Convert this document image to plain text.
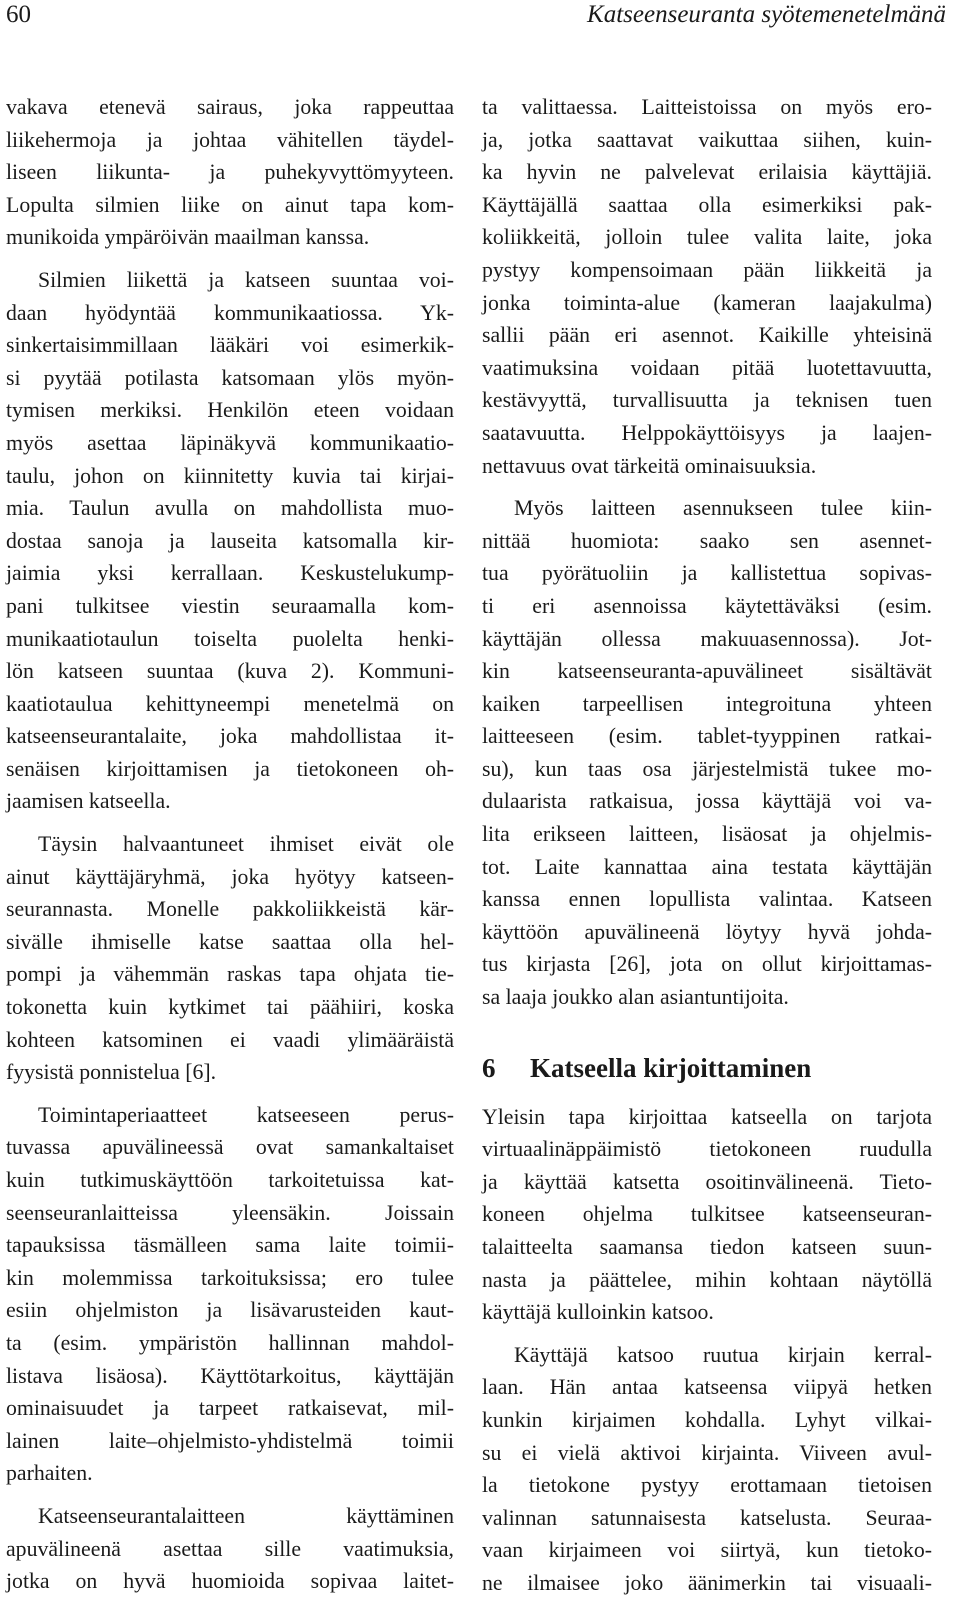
60	Katseenseuranta syötemenetelmänä
vakava etenevä sairaus, joka rappeuttaa
liikehermoja ja johtaa vähitellen täydel-
liseen liikunta- ja puhekyvyttömyyteen.
Lopulta silmien liike on ainut tapa kom-
munikoida ympäröivän maailman kanssa.
Silmien liikettä ja katseen suuntaa voi-
daan hyödyntää kommunikaatiossa. Yk-
sinkertaisimmillaan lääkäri voi esimerkik-
si pyytää potilasta katsomaan ylös myön-
tymisen merkiksi. Henkilön eteen voidaan
myös asettaa läpinäkyvä kommunikaatio-
taulu, johon on kiinnitetty kuvia tai kirjai-
mia. Taulun avulla on mahdollista muo-
dostaa sanoja ja lauseita katsomalla kir-
jaimia yksi kerrallaan. Keskustelukump-
pani tulkitsee viestin seuraamalla kom-
munikaatiotaulun toiselta puolelta henki-
lön katseen suuntaa (kuva 2). Kommuni-
kaatiotaulua kehittyneempi menetelmä on
katseenseurantalaite, joka mahdollistaa it-
senäisen kirjoittamisen ja tietokoneen oh-
jaamisen katseella.
Täysin halvaantuneet ihmiset eivät ole
ainut käyttäjäryhmä, joka hyötyy katseen-
seurannasta. Monelle pakkoliikkeistä kär-
sivälle ihmiselle katse saattaa olla hel-
pompi ja vähemmän raskas tapa ohjata tie-
tokonetta kuin kytkimet tai päähiiri, koska
kohteen katsominen ei vaadi ylimääräistä
fyysistä ponnistelua [6].
Toimintaperiaatteet katseeseen perus-
tuvassa apuvälineessä ovat samankaltaiset
kuin tutkimuskäyttöön tarkoitetuissa kat-
seenseuranlaitteissa yleensäkin. Joissain
tapauksissa täsmälleen sama laite toimii-
kin molemmissa tarkoituksissa; ero tulee
esiin ohjelmiston ja lisävarusteiden kaut-
ta (esim. ympäristön hallinnan mahdol-
listava lisäosa). Käyttötarkoitus, käyttäjän
ominaisuudet ja tarpeet ratkaisevat, mil-
lainen laite–ohjelmisto-yhdistelmä toimii
parhaiten.
Katseenseurantalaitteen käyttäminen
apuvälineenä asettaa sille vaatimuksia,
jotka on hyvä huomioida sopivaa laitet-
ta valittaessa. Laitteistoissa on myös ero-
ja, jotka saattavat vaikuttaa siihen, kuin-
ka hyvin ne palvelevat erilaisia käyttäjiä.
Käyttäjällä saattaa olla esimerkiksi pak-
koliikkeitä, jolloin tulee valita laite, joka
pystyy kompensoimaan pään liikkeitä ja
jonka toiminta-alue (kameran laajakulma)
sallii pään eri asennot. Kaikille yhteisinä
vaatimuksina voidaan pitää luotettavuutta,
kestävyyttä, turvallisuutta ja teknisen tuen
saatavuutta. Helppokäyttöisyys ja laajen-
nettavuus ovat tärkeitä ominaisuuksia.
Myös laitteen asennukseen tulee kiin-
nittää huomiota: saako sen asennet-
tua pyörätuoliin ja kallistettua sopivas-
ti eri asennoissa käytettäväksi (esim.
käyttäjän ollessa makuuasennossa). Jot-
kin katseenseuranta-apuvälineet sisältävät
kaiken tarpeellisen integroituna yhteen
laitteeseen (esim. tablet-tyyppinen ratkai-
su), kun taas osa järjestelmistä tukee mo-
dulaarista ratkaisua, jossa käyttäjä voi va-
lita erikseen laitteen, lisäosat ja ohjelmis-
tot. Laite kannattaa aina testata käyttäjän
kanssa ennen lopullista valintaa. Katseen
käyttöön apuvälineenä löytyy hyvä johda-
tus kirjasta [26], jota on ollut kirjoittamas-
sa laaja joukko alan asiantuntijoita.
6 Katseella kirjoittaminen
Yleisin tapa kirjoittaa katseella on tarjota
virtuaalinäppäimistö tietokoneen ruudulla
ja käyttää katsetta osoitinvälineenä. Tieto-
koneen ohjelma tulkitsee katseenseuran-
talaitteelta saamansa tiedon katseen suun-
nasta ja päättelee, mihin kohtaan näytöllä
käyttäjä kulloinkin katsoo.
Käyttäjä katsoo ruutua kirjain kerral-
laan. Hän antaa katseensa viipyä hetken
kunkin kirjaimen kohdalla. Lyhyt vilkai-
su ei vielä aktivoi kirjainta. Viiveen avul-
la tietokone pystyy erottamaan tietoisen
valinnan satunnaisesta katselusta. Seuraa-
vaan kirjaimeen voi siirtyä, kun tietoko-
ne ilmaisee joko äänimerkin tai visuaali-
